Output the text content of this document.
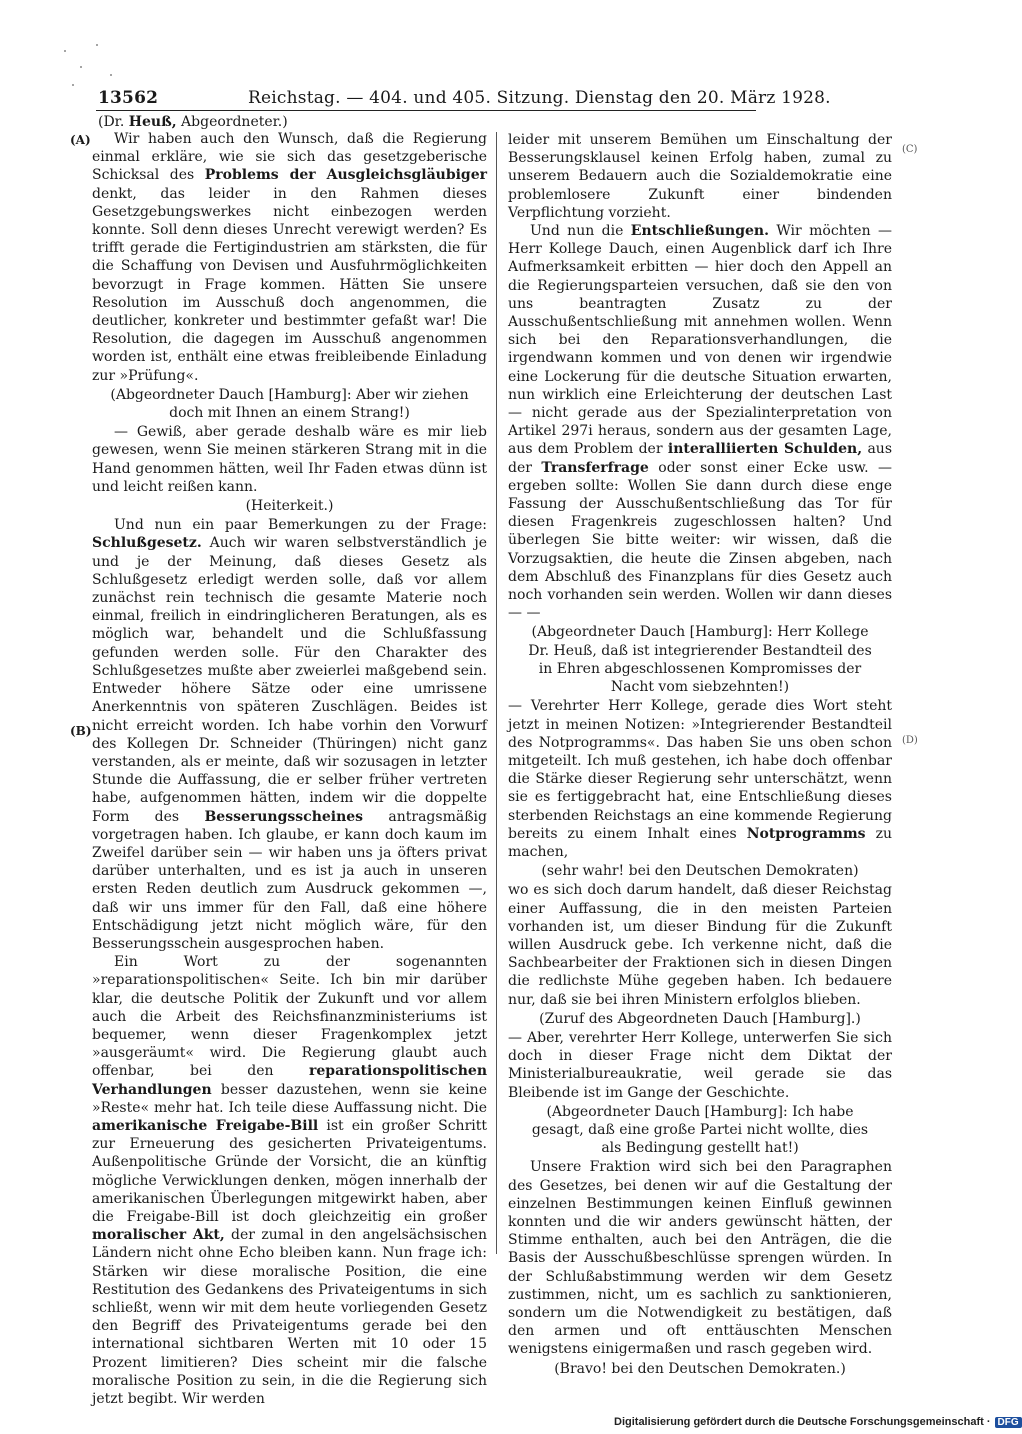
13562	Reichstag. — 404. und 405. Sitzung. Dienstag den 20. März 1928.
(Dr. Heuß, Abgeordneter.)
(A)
(B)
(C)
(D)

Wir haben auch den Wunsch, daß die Regierung einmal erkläre, wie sie sich das gesetzgeberische Schicksal des Problems der Ausgleichsgläubiger denkt, das leider in den Rahmen dieses Gesetzgebungswerkes nicht einbezogen werden konnte. Soll denn dieses Unrecht verewigt werden? Es trifft gerade die Fertigindustrien am stärksten, die für die Schaffung von Devisen und Ausfuhrmöglichkeiten bevorzugt in Frage kommen. Hätten Sie unsere Resolution im Ausschuß doch angenommen, die deutlicher, konkreter und bestimmter gefaßt war! Die Resolution, die dagegen im Ausschuß angenommen worden ist, enthält eine etwas freibleibende Einladung zur »Prüfung«.

(Abgeordneter Dauch [Hamburg]: Aber wir ziehen doch mit Ihnen an einem Strang!)

— Gewiß, aber gerade deshalb wäre es mir lieb gewesen, wenn Sie meinen stärkeren Strang mit in die Hand genommen hätten, weil Ihr Faden etwas dünn ist und leicht reißen kann.

(Heiterkeit.)

Und nun ein paar Bemerkungen zu der Frage: Schlußgesetz. Auch wir waren selbstverständlich je und je der Meinung, daß dieses Gesetz als Schlußgesetz erledigt werden solle, daß vor allem zunächst rein technisch die gesamte Materie noch einmal, freilich in eindringlicheren Beratungen, als es möglich war, behandelt und die Schlußfassung gefunden werden solle. Für den Charakter des Schlußgesetzes mußte aber zweierlei maßgebend sein. Entweder höhere Sätze oder eine umrissene Anerkenntnis von späteren Zuschlägen. Beides ist nicht erreicht worden. Ich habe vorhin den Vorwurf des Kollegen Dr. Schneider (Thüringen) nicht ganz verstanden, als er meinte, daß wir sozusagen in letzter Stunde die Auffassung, die er selber früher vertreten habe, aufgenommen hätten, indem wir die doppelte Form des Besserungsscheines antragsmäßig vorgetragen haben. Ich glaube, er kann doch kaum im Zweifel darüber sein — wir haben uns ja öfters privat darüber unterhalten, und es ist ja auch in unseren ersten Reden deutlich zum Ausdruck gekommen —, daß wir uns immer für den Fall, daß eine höhere Entschädigung jetzt nicht möglich wäre, für den Besserungsschein ausgesprochen haben.

Ein Wort zu der sogenannten »reparationspolitischen« Seite. Ich bin mir darüber klar, die deutsche Politik der Zukunft und vor allem auch die Arbeit des Reichsfinanzministeriums ist bequemer, wenn dieser Fragenkomplex jetzt »ausgeräumt« wird. Die Regierung glaubt auch offenbar, bei den reparationspolitischen Verhandlungen besser dazustehen, wenn sie keine »Reste« mehr hat. Ich teile diese Auffassung nicht. Die amerikanische Freigabe-Bill ist ein großer Schritt zur Erneuerung des gesicherten Privateigentums. Außenpolitische Gründe der Vorsicht, die an künftig mögliche Verwicklungen denken, mögen innerhalb der amerikanischen Überlegungen mitgewirkt haben, aber die Freigabe-Bill ist doch gleichzeitig ein großer moralischer Akt, der zumal in den angelsächsischen Ländern nicht ohne Echo bleiben kann. Nun frage ich: Stärken wir diese moralische Position, die eine Restitution des Gedankens des Privateigentums in sich schließt, wenn wir mit dem heute vorliegenden Gesetz den Begriff des Privateigentums gerade bei den international sichtbaren Werten mit 10 oder 15 Prozent limitieren? Dies scheint mir die falsche moralische Position zu sein, in die die Regierung sich jetzt begibt. Wir werden

leider mit unserem Bemühen um Einschaltung der Besserungsklausel keinen Erfolg haben, zumal zu unserem Bedauern auch die Sozialdemokratie eine problemlosere Zukunft einer bindenden Verpflichtung vorzieht.

Und nun die Entschließungen. Wir möchten — Herr Kollege Dauch, einen Augenblick darf ich Ihre Aufmerksamkeit erbitten — hier doch den Appell an die Regierungsparteien versuchen, daß sie den von uns beantragten Zusatz zu der Ausschußentschließung mit annehmen wollen. Wenn sich bei den Reparationsverhandlungen, die irgendwann kommen und von denen wir irgendwie eine Lockerung für die deutsche Situation erwarten, nun wirklich eine Erleichterung der deutschen Last — nicht gerade aus der Spezialinterpretation von Artikel 297i heraus, sondern aus der gesamten Lage, aus dem Problem der interalliierten Schulden, aus der Transferfrage oder sonst einer Ecke usw. — ergeben sollte: Wollen Sie dann durch diese enge Fassung der Ausschußentschließung das Tor für diesen Fragenkreis zugeschlossen halten? Und überlegen Sie bitte weiter: wir wissen, daß die Vorzugsaktien, die heute die Zinsen abgeben, nach dem Abschluß des Finanzplans für dies Gesetz auch noch vorhanden sein werden. Wollen wir dann dieses — —

(Abgeordneter Dauch [Hamburg]: Herr Kollege Dr. Heuß, daß ist integrierender Bestandteil des in Ehren abgeschlossenen Kompromisses der Nacht vom siebzehnten!)

— Verehrter Herr Kollege, gerade dies Wort steht jetzt in meinen Notizen: »Integrierender Bestandteil des Notprogramms«. Das haben Sie uns oben schon mitgeteilt. Ich muß gestehen, ich habe doch offenbar die Stärke dieser Regierung sehr unterschätzt, wenn sie es fertiggebracht hat, eine Entschließung dieses sterbenden Reichstags an eine kommende Regierung bereits zu einem Inhalt eines Notprogramms zu machen,

(sehr wahr! bei den Deutschen Demokraten)

wo es sich doch darum handelt, daß dieser Reichstag einer Auffassung, die in den meisten Parteien vorhanden ist, um dieser Bindung für die Zukunft willen Ausdruck gebe. Ich verkenne nicht, daß die Sachbearbeiter der Fraktionen sich in diesen Dingen die redlichste Mühe gegeben haben. Ich bedauere nur, daß sie bei ihren Ministern erfolglos blieben.

(Zuruf des Abgeordneten Dauch [Hamburg].)

— Aber, verehrter Herr Kollege, unterwerfen Sie sich doch in dieser Frage nicht dem Diktat der Ministerialbureaukratie, weil gerade sie das Bleibende ist im Gange der Geschichte.

(Abgeordneter Dauch [Hamburg]: Ich habe gesagt, daß eine große Partei nicht wollte, dies als Bedingung gestellt hat!)

Unsere Fraktion wird sich bei den Paragraphen des Gesetzes, bei denen wir auf die Gestaltung der einzelnen Bestimmungen keinen Einfluß gewinnen konnten und die wir anders gewünscht hätten, der Stimme enthalten, auch bei den Anträgen, die die Basis der Ausschußbeschlüsse sprengen würden. In der Schlußabstimmung werden wir dem Gesetz zustimmen, nicht, um es sachlich zu sanktionieren, sondern um die Notwendigkeit zu bestätigen, daß den armen und oft enttäuschten Menschen wenigstens einigermaßen und rasch gegeben wird.

(Bravo! bei den Deutschen Demokraten.)

Digitalisierung gefördert durch die Deutsche Forschungsgemeinschaft · DFG
